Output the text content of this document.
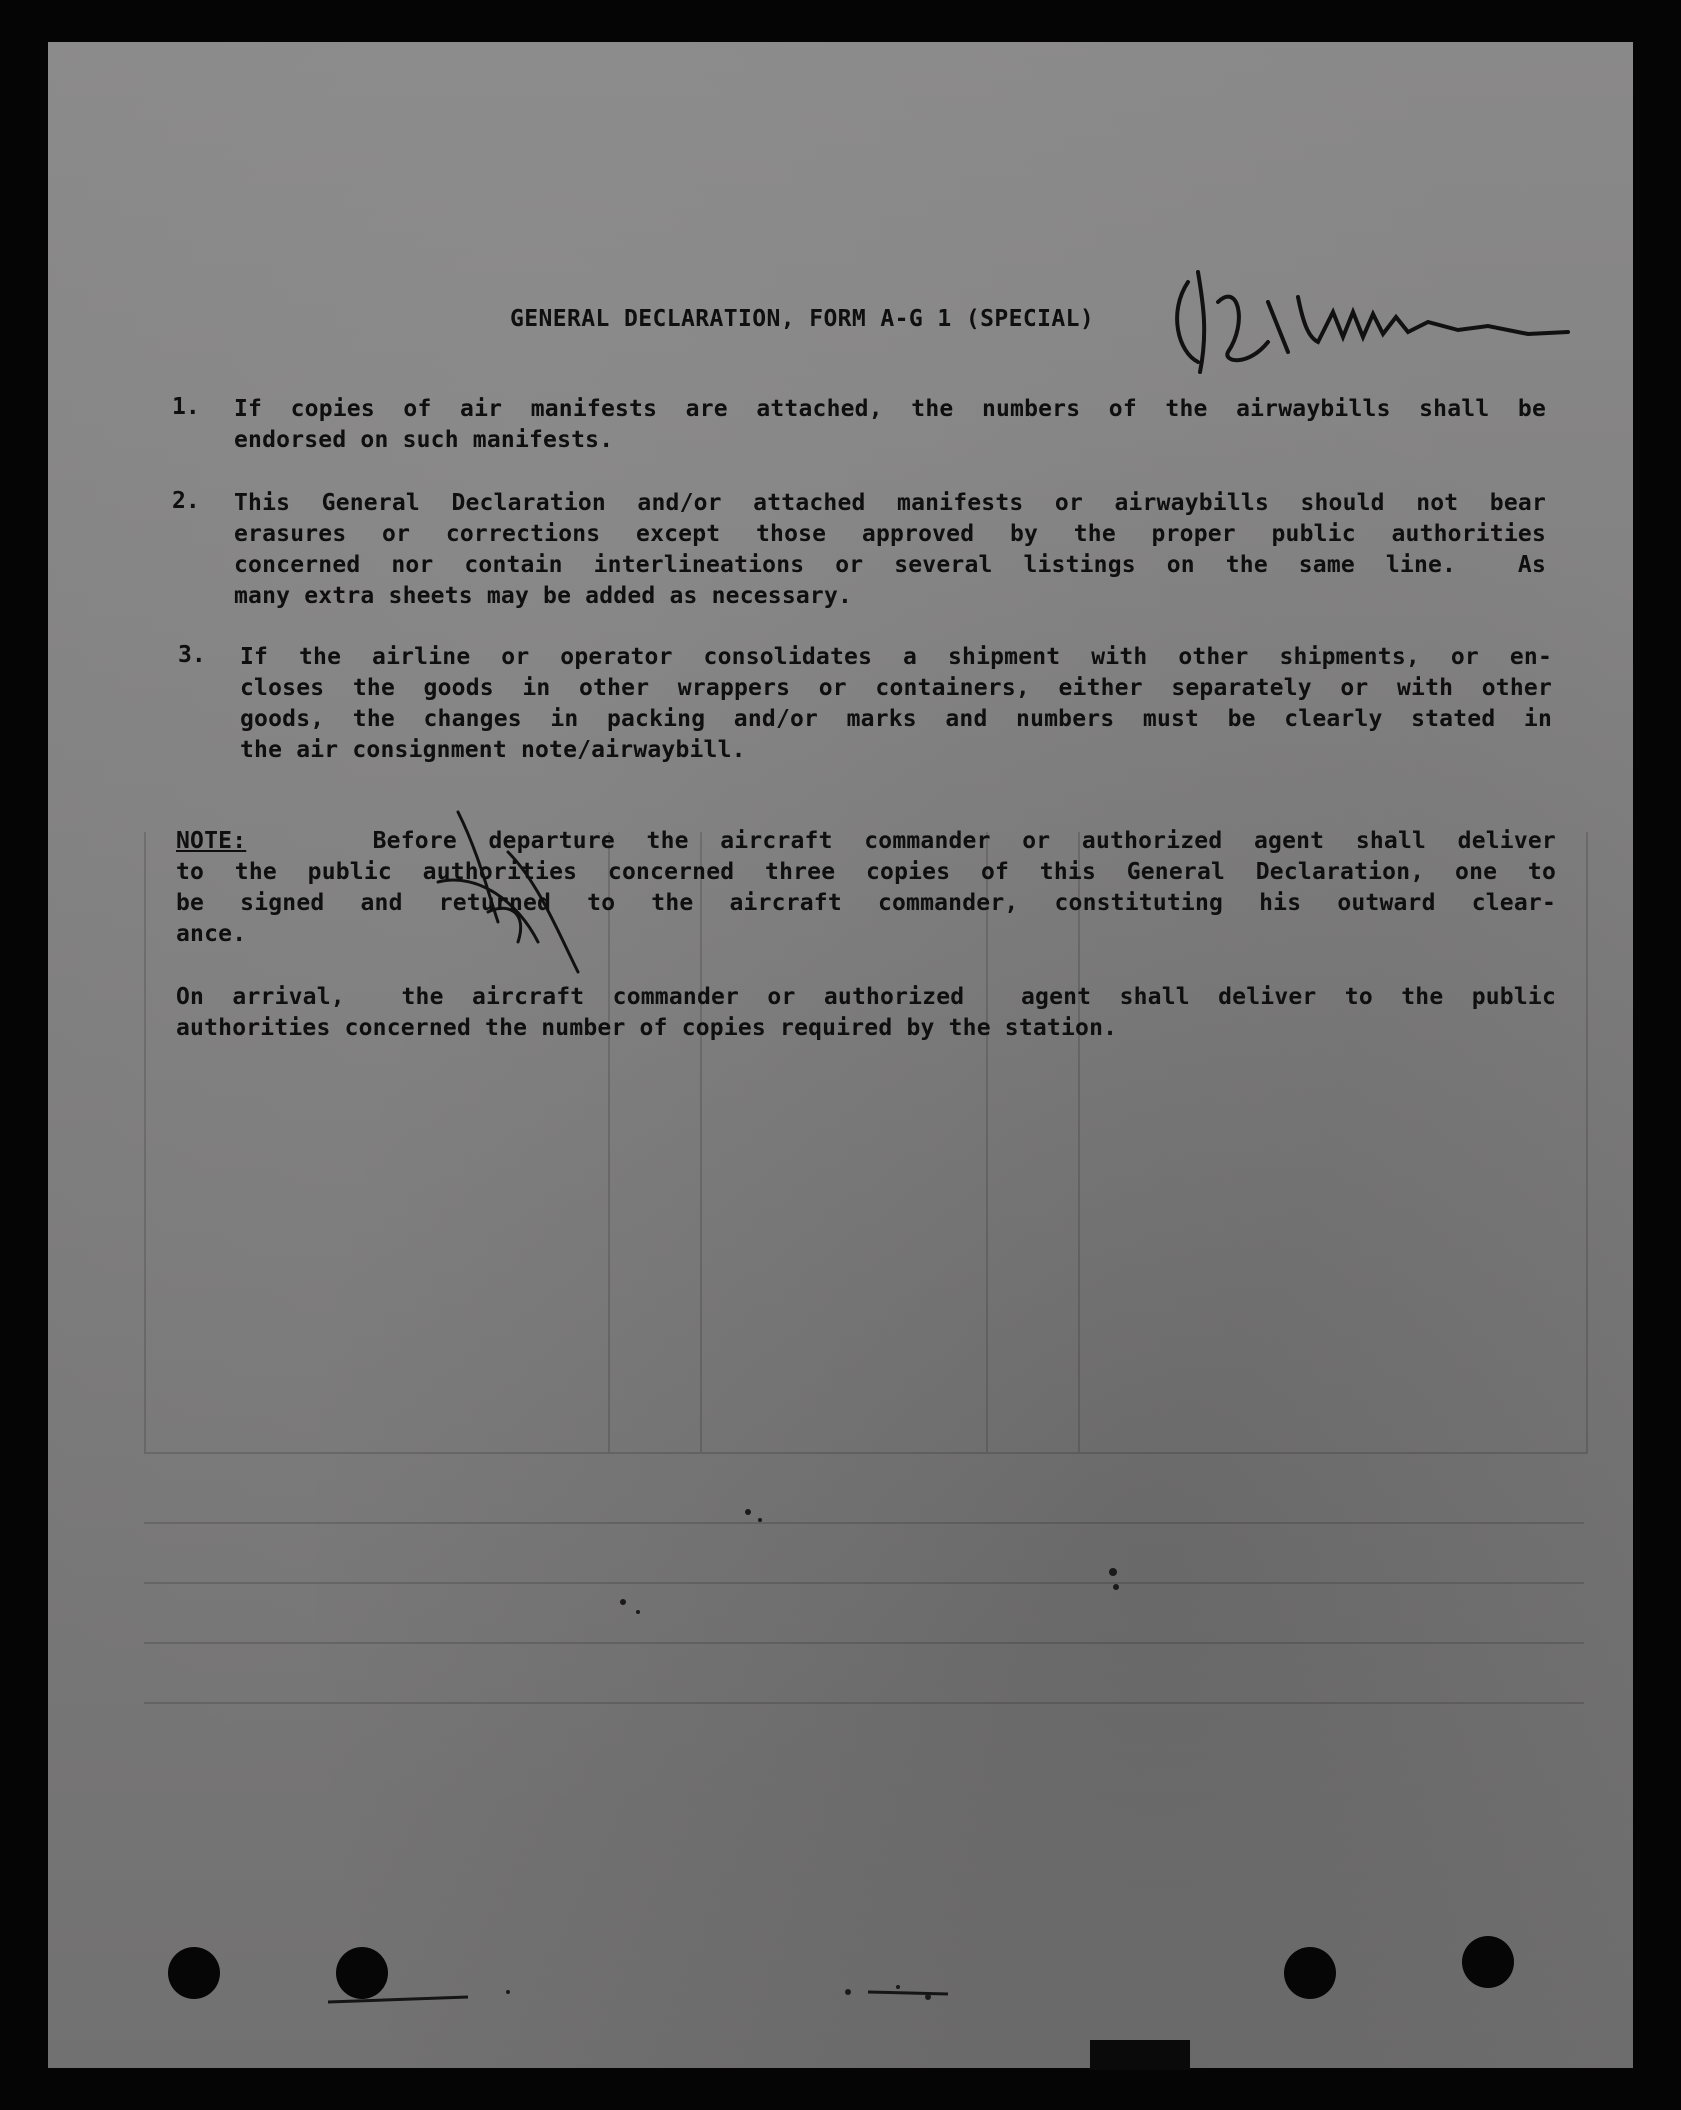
GENERAL DECLARATION, FORM A-G 1 (SPECIAL)
1. If copies of air manifests are attached, the numbers of the airwaybills shall be
endorsed on such manifests.
2. This General Declaration and/or attached manifests or airwaybills should not bear
erasures or corrections except those approved by the proper public authorities
concerned nor contain interlineations or several listings on the same line.  As
many extra sheets may be added as necessary.
3. If the airline or operator consolidates a shipment with other shipments, or en-
closes the goods in other wrappers or containers, either separately or with other
goods, the changes in packing and/or marks and numbers must be clearly stated in
the air consignment note/airwaybill.
NOTE:	Before departure the aircraft commander or authorized agent shall deliver
to the public authorities concerned three copies of this General Declaration, one to
be signed and returned to the aircraft commander, constituting his outward clear-
ance.
On arrival,  the aircraft commander or authorized  agent shall deliver to the public
authorities concerned the number of copies required by the station.
